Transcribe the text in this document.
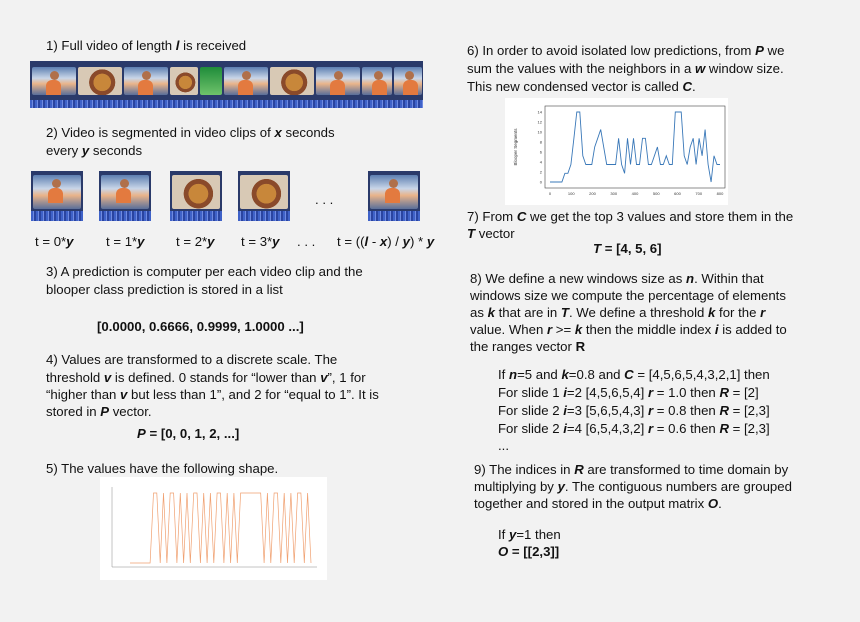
1) Full video of length l is received
2) Video is segmented in video clips of x seconds
every y seconds
. . .
t = 0*y t = 1*y t = 2*y t = 3*y . . . t = ((l - x) / y) * y
3) A prediction is computer per each video clip and the
blooper class prediction is stored in a list
[0.0000, 0.6666, 0.9999, 1.0000 ...]
4) Values are transformed to a discrete scale. The
threshold v is defined. 0 stands for “lower than v”, 1 for
“higher than v but less than 1”, and 2 for “equal to 1”. It is
stored in P vector.
P = [0, 0, 1, 2, ...]
5) The values have the following shape.
6) In order to avoid isolated low predictions, from P we
sum the values with the neighbors in a w window size.
This new condensed vector is called C.
Blooper Segments
0	100	200	300	400	500	600	700	800
0
2
4
6
8
10
12
14
7) From C we get the top 3 values and store them in the
T vector
T = [4, 5, 6]
8) We define a new windows size as n. Within that
windows size we compute the percentage of elements
as k that are in T. We define a threshold k for the r
value. When r >= k then the middle index i is added to
the ranges vector R
If n=5 and k=0.8 and C = [4,5,6,5,4,3,2,1] then
For slide 1 i=2 [4,5,6,5,4] r = 1.0 then R = [2]
For slide 2 i=3 [5,6,5,4,3] r = 0.8 then R = [2,3]
For slide 2 i=4 [6,5,4,3,2] r = 0.6 then R = [2,3]
...
9) The indices in R are transformed to time domain by
multiplying by y. The contiguous numbers are grouped
together and stored in the output matrix O.
If y=1 then
O = [[2,3]]
